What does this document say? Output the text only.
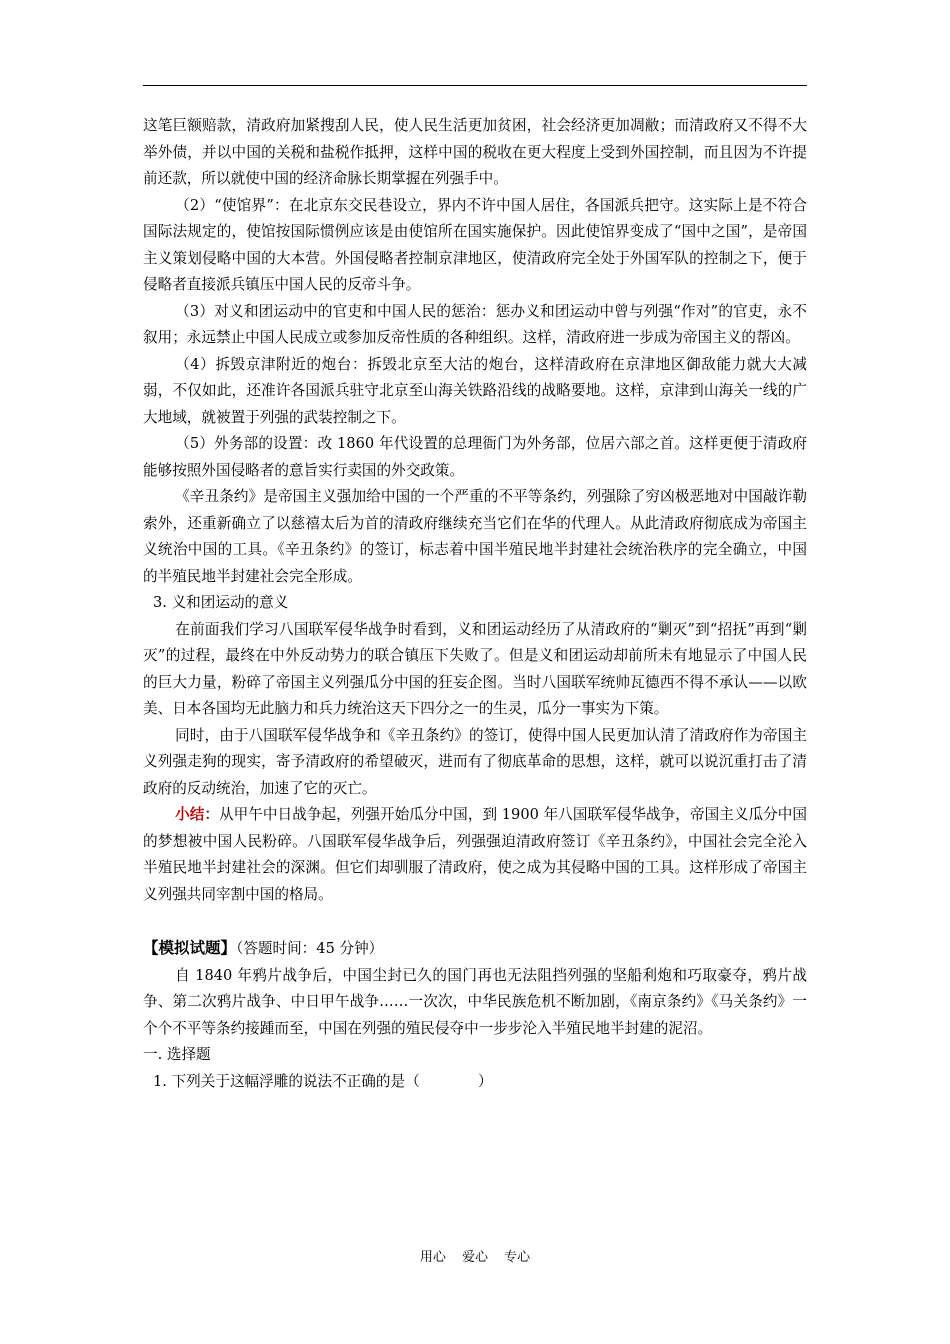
这笔巨额赔款，清政府加紧搜刮人民，使人民生活更加贫困，社会经济更加凋敝；而清政府又不得不大举外债，并以中国的关税和盐税作抵押，这样中国的税收在更大程度上受到外国控制，而且因为不许提前还款，所以就使中国的经济命脉长期掌握在列强手中。

（2）“使馆界”：在北京东交民巷设立，界内不许中国人居住，各国派兵把守。这实际上是不符合国际法规定的，使馆按国际惯例应该是由使馆所在国实施保护。因此使馆界变成了“国中之国”，是帝国主义策划侵略中国的大本营。外国侵略者控制京津地区，使清政府完全处于外国军队的控制之下，便于侵略者直接派兵镇压中国人民的反帝斗争。

（3）对义和团运动中的官吏和中国人民的惩治：惩办义和团运动中曾与列强“作对”的官吏，永不叙用；永远禁止中国人民成立或参加反帝性质的各种组织。这样，清政府进一步成为帝国主义的帮凶。

（4）拆毁京津附近的炮台：拆毁北京至大沽的炮台，这样清政府在京津地区御敌能力就大大减弱，不仅如此，还准许各国派兵驻守北京至山海关铁路沿线的战略要地。这样，京津到山海关一线的广大地域，就被置于列强的武装控制之下。

（5）外务部的设置：改 1860 年代设置的总理衙门为外务部，位居六部之首。这样更便于清政府能够按照外国侵略者的意旨实行卖国的外交政策。

《辛丑条约》是帝国主义强加给中国的一个严重的不平等条约，列强除了穷凶极恶地对中国敲诈勒索外，还重新确立了以慈禧太后为首的清政府继续充当它们在华的代理人。从此清政府彻底成为帝国主义统治中国的工具。《辛丑条约》的签订，标志着中国半殖民地半封建社会统治秩序的完全确立，中国的半殖民地半封建社会完全形成。

3. 义和团运动的意义

在前面我们学习八国联军侵华战争时看到，义和团运动经历了从清政府的“剿灭”到“招抚”再到“剿灭”的过程，最终在中外反动势力的联合镇压下失败了。但是义和团运动却前所未有地显示了中国人民的巨大力量，粉碎了帝国主义列强瓜分中国的狂妄企图。当时八国联军统帅瓦德西不得不承认——以欧美、日本各国均无此脑力和兵力统治这天下四分之一的生灵，瓜分一事实为下策。

同时，由于八国联军侵华战争和《辛丑条约》的签订，使得中国人民更加认清了清政府作为帝国主义列强走狗的现实，寄予清政府的希望破灭，进而有了彻底革命的思想，这样，就可以说沉重打击了清政府的反动统治，加速了它的灭亡。

小结：从甲午中日战争起，列强开始瓜分中国，到 1900 年八国联军侵华战争，帝国主义瓜分中国的梦想被中国人民粉碎。八国联军侵华战争后，列强强迫清政府签订《辛丑条约》，中国社会完全沦入半殖民地半封建社会的深渊。但它们却驯服了清政府，使之成为其侵略中国的工具。这样形成了帝国主义列强共同宰割中国的格局。

【模拟试题】（答题时间：45 分钟）

自 1840 年鸦片战争后，中国尘封已久的国门再也无法阻挡列强的坚船利炮和巧取豪夺，鸦片战争、第二次鸦片战争、中日甲午战争……一次次，中华民族危机不断加剧，《南京条约》《马关条约》一个个不平等条约接踵而至，中国在列强的殖民侵夺中一步步沦入半殖民地半封建的泥沼。

一. 选择题

1. 下列关于这幅浮雕的说法不正确的是（　　　　）

用心 爱心 专心
